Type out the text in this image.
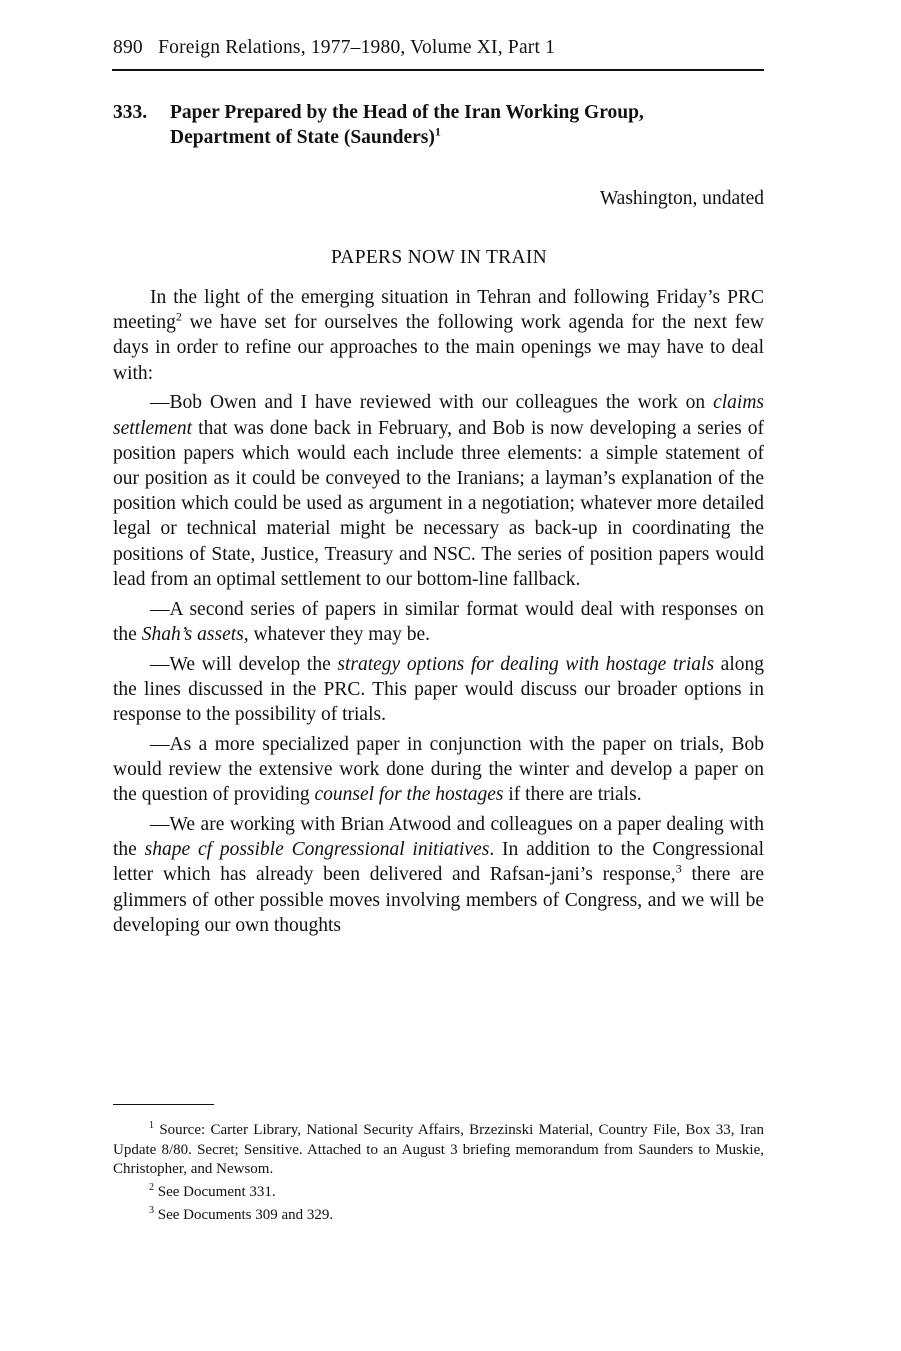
890 Foreign Relations, 1977–1980, Volume XI, Part 1
333. Paper Prepared by the Head of the Iran Working Group,
Department of State (Saunders)$^1$
Washington, undated
PAPERS NOW IN TRAIN

In the light of the emerging situation in Tehran and following Friday’s PRC meeting$^2$ we have set for ourselves the following work agenda for the next few days in order to refine our approaches to the main openings we may have to deal with:

—Bob Owen and I have reviewed with our colleagues the work on claims settlement that was done back in February, and Bob is now developing a series of position papers which would each include three elements: a simple statement of our position as it could be conveyed to the Iranians; a layman’s explanation of the position which could be used as argument in a negotiation; whatever more detailed legal or technical material might be necessary as back-up in coordinating the positions of State, Justice, Treasury and NSC. The series of position papers would lead from an optimal settlement to our bottom-line fallback.

—A second series of papers in similar format would deal with responses on the Shah’s assets, whatever they may be.

—We will develop the strategy options for dealing with hostage trials along the lines discussed in the PRC. This paper would discuss our broader options in response to the possibility of trials.

—As a more specialized paper in conjunction with the paper on trials, Bob would review the extensive work done during the winter and develop a paper on the question of providing counsel for the hostages if there are trials.

—We are working with Brian Atwood and colleagues on a paper dealing with the shape cf possible Congressional initiatives. In addition to the Congressional letter which has already been delivered and Rafsan-jani’s response,$^3$ there are glimmers of other possible moves involving members of Congress, and we will be developing our own thoughts

$^1$ Source: Carter Library, National Security Affairs, Brzezinski Material, Country File, Box 33, Iran Update 8/80. Secret; Sensitive. Attached to an August 3 briefing memorandum from Saunders to Muskie, Christopher, and Newsom.

$^2$ See Document 331.

$^3$ See Documents 309 and 329.
